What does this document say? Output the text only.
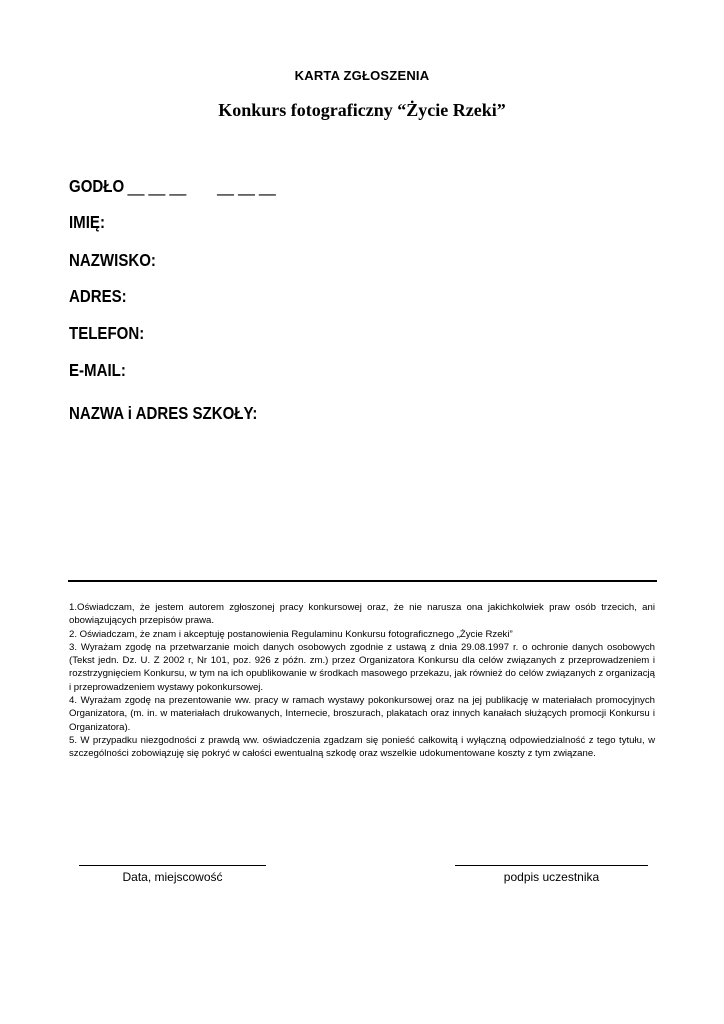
KARTA ZGŁOSZENIA
Konkurs fotograficzny “Życie Rzeki”
GODŁO __ __ __ __ __ __
IMIĘ:
NAZWISKO:
ADRES:
TELEFON:
E-MAIL:
NAZWA i ADRES SZKOŁY:

1.Oświadczam, że jestem autorem zgłoszonej pracy konkursowej oraz, że nie narusza ona jakichkolwiek praw osób trzecich, ani obowiązujących przepisów prawa.

2. Oświadczam, że znam i akceptuję postanowienia Regulaminu Konkursu fotograficznego „Życie Rzeki”

3. Wyrażam zgodę na przetwarzanie moich danych osobowych zgodnie z ustawą z dnia 29.08.1997 r. o ochronie danych osobowych (Tekst jedn. Dz. U. Z 2002 r, Nr 101, poz. 926 z późn. zm.) przez Organizatora Konkursu dla celów związanych z przeprowadzeniem i rozstrzygnięciem Konkursu, w tym na ich opublikowanie w środkach masowego przekazu, jak również do celów związanych z organizacją i przeprowadzeniem wystawy pokonkursowej.

4. Wyrażam zgodę na prezentowanie ww. pracy w ramach wystawy pokonkursowej oraz na jej publikację w materiałach promocyjnych Organizatora, (m. in. w materiałach drukowanych, Internecie, broszurach, plakatach oraz innych kanałach służących promocji Konkursu i Organizatora).

5. W przypadku niezgodności z prawdą ww. oświadczenia zgadzam się ponieść całkowitą i wyłączną odpowiedzialność z tego tytułu, w szczególności zobowiązuję się pokryć w całości ewentualną szkodę oraz wszelkie udokumentowane koszty z tym związane.

Data, miejscowość	podpis uczestnika
